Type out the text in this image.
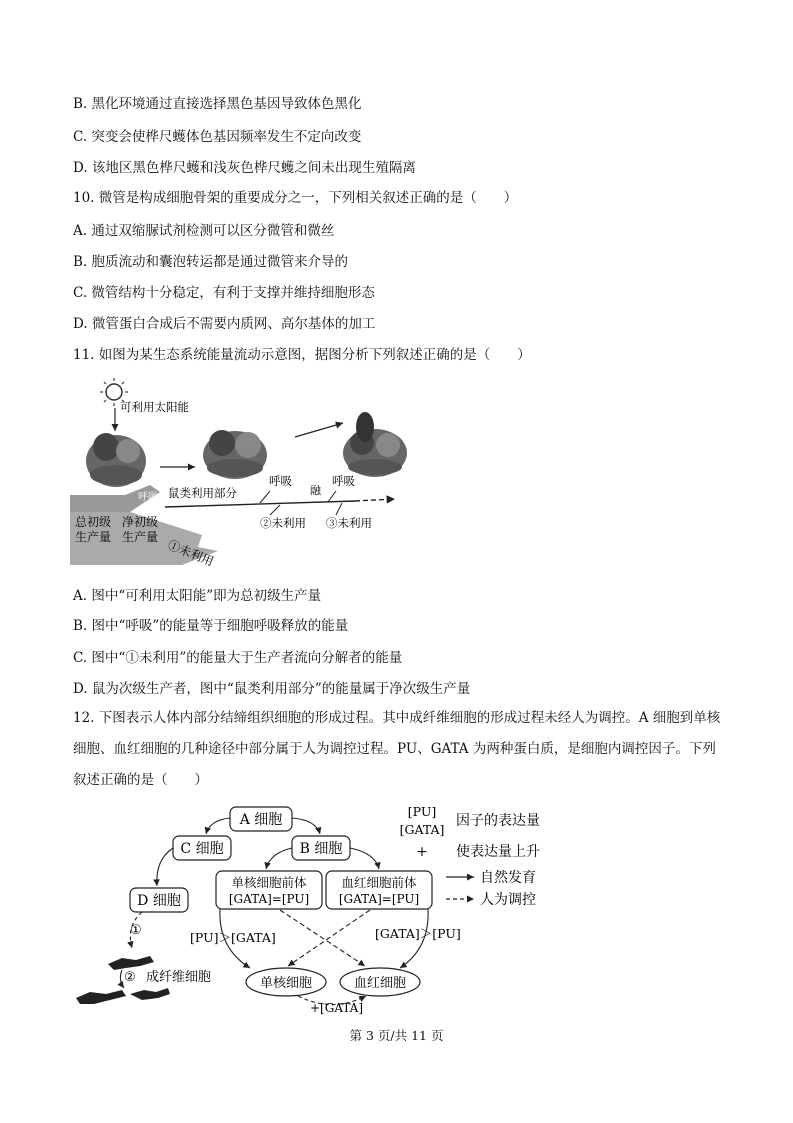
B. 黑化环境通过直接选择黑色基因导致体色黑化
C. 突变会使桦尺蠖体色基因频率发生不定向改变
D. 该地区黑色桦尺蠖和浅灰色桦尺蠖之间未出现生殖隔离
10. 微管是构成细胞骨架的重要成分之一，下列相关叙述正确的是（　　）
A. 通过双缩脲试剂检测可以区分微管和微丝
B. 胞质流动和囊泡转运都是通过微管来介导的
C. 微管结构十分稳定，有利于支撑并维持细胞形态
D. 微管蛋白合成后不需要内质网、高尔基体的加工
11. 如图为某生态系统能量流动示意图，据图分析下列叙述正确的是（　　）
可利用太阳能
呼吸
总初级
生产量
净初级
生产量
①未利用
鼠类利用部分
呼吸
融
呼吸
②未利用 ③未利用
A. 图中“可利用太阳能”即为总初级生产量
B. 图中“呼吸”的能量等于细胞呼吸释放的能量
C. 图中“①未利用”的能量大于生产者流向分解者的能量
D. 鼠为次级生产者，图中“鼠类利用部分”的能量属于净次级生产量
12. 下图表示人体内部分结缔组织细胞的形成过程。其中成纤维细胞的形成过程未经人为调控。A 细胞到单核细胞、血红细胞的几种途径中部分属于人为调控过程。PU、GATA 为两种蛋白质，是细胞内调控因子。下列叙述正确的是（　　）
A 细胞
C 细胞	B 细胞
D 细胞
单核细胞前体
[GATA]=[PU]
血红细胞前体
[GATA]=[PU]
①
② 成纤维细胞
[PU]＞[GATA]	[GATA]＞[PU]
单核细胞	血红细胞
+[GATA]
[PU]
[GATA]
因子的表达量
+ 使表达量上升
自然发育
人为调控
第 3 页/共 11 页
